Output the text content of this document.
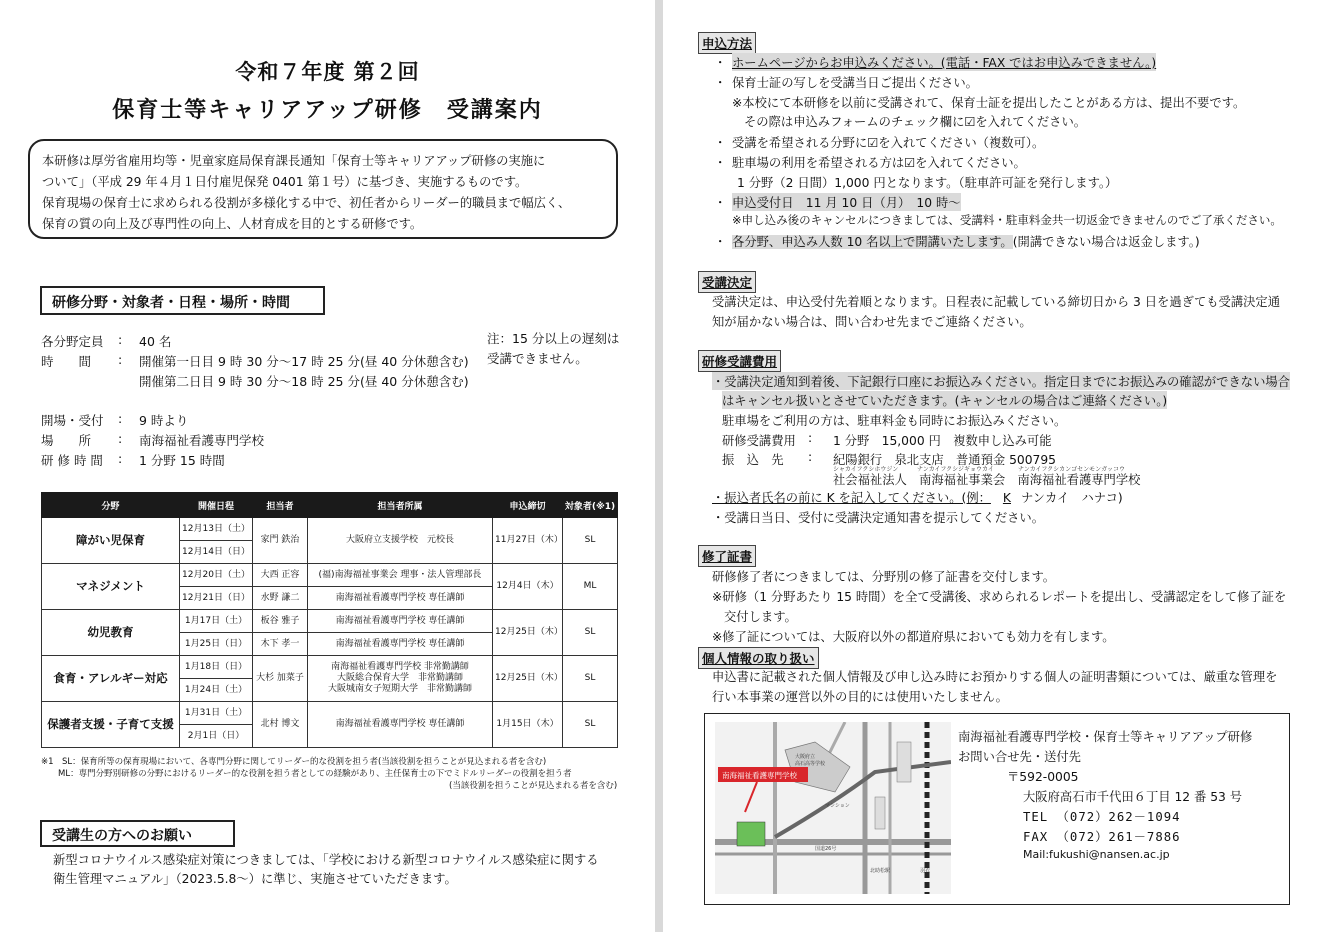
令和７年度 第２回
保育士等キャリアアップ研修　受講案内
本研修は厚労省雇用均等・児童家庭局保育課長通知「保育士等キャリアアップ研修の実施に
ついて」（平成 29 年４月１日付雇児保発 0401 第１号）に基づき、実施するものです。
保育現場の保育士に求められる役割が多様化する中で、初任者からリーダー的職員まで幅広く、
保育の質の向上及び専門性の向上、人材育成を目的とする研修です。
研修分野・対象者・日程・場所・時間
各分野定員 : 40 名
時　　間 : 開催第一日目 9 時 30 分～17 時 25 分(昼 40 分休憩含む)
開催第二日目 9 時 30 分～18 時 25 分(昼 40 分休憩含む)
注：15 分以上の遅刻は
受講できません。
開場・受付 : 9 時より
場　　所 : 南海福祉看護専門学校
研 修 時 間 : 1 分野 15 時間
分野	開催日程	担当者	担当者所属	申込締切	対象者(※1)
障がい児保育	12月13日（土）	家門 鉄治	大阪府立支援学校　元校長	11月27日（木）	SL
	12月14日（日）				
マネジメント	12月20日（土）	大西 正容	(福)南海福祉事業会 理事・法人管理部長	12月4日（木）	ML
	12月21日（日）	水野 謙二	南海福祉看護専門学校 専任講師		
幼児教育	1月17日（土）	板谷 雅子	南海福祉看護専門学校 専任講師	12月25日（木）	SL
	1月25日（日）	木下 孝一	南海福祉看護専門学校 専任講師		
食育・アレルギー対応	1月18日（日）	大杉 加菜子	南海福祉看護専門学校 非常勤講師
大阪総合保育大学　非常勤講師
大阪城南女子短期大学　非常勤講師	12月25日（木）	SL
	1月24日（土）				
保護者支援・子育て支援	1月31日（土）	北村 博文	南海福祉看護専門学校 専任講師	1月15日（木）	SL
	2月1日（日）				
※1　SL：保育所等の保育現場において、各専門分野に関してリーダー的な役割を担う者(当該役割を担うことが見込まれる者を含む)
ML：専門分野別研修の分野におけるリーダー的な役割を担う者としての経験があり、主任保育士の下でミドルリーダーの役割を担う者
(当該役割を担うことが見込まれる者を含む)
受講生の方へのお願い
新型コロナウイルス感染症対策につきましては、「学校における新型コロナウイルス感染症に関する
衛生管理マニュアル」（2023.5.8～）に準じ、実施させていただきます。
申込方法
・ ホームページからお申込みください。(電話・FAX ではお申込みできません。)
・ 保育士証の写しを受講当日ご提出ください。
※本校にて本研修を以前に受講されて、保育士証を提出したことがある方は、提出不要です。
その際は申込みフォームのチェック欄に☑を入れてください。
・ 受講を希望される分野に☑を入れてください（複数可）。
・ 駐車場の利用を希望される方は☑を入れてください。
1 分野（2 日間）1,000 円となります。（駐車許可証を発行します。）
・ 申込受付日　11 月 10 日（月）　10 時～
※申し込み後のキャンセルにつきましては、受講料・駐車料金共一切返金できませんのでご了承ください。
・ 各分野、申込み人数 10 名以上で開講いたします。(開講できない場合は返金します。)
受講決定
受講決定は、申込受付先着順となります。日程表に記載している締切日から 3 日を過ぎても受講決定通
知が届かない場合は、問い合わせ先までご連絡ください。
研修受講費用
・受講決定通知到着後、下記銀行口座にお振込みください。指定日までにお振込みの確認ができない場合
はキャンセル扱いとさせていただきます。(キャンセルの場合はご連絡ください。)
駐車場をご利用の方は、駐車料金も同時にお振込みください。
研修受講費用 : 1 分野　15,000 円　複数申し込み可能
振　込　先 : 紀陽銀行　泉北支店　普通預金 500795
シャカイフクシホウジン	ナンカイフクシジギョウカイ	ナンカイフクシカンゴセンモンガッコウ
社会福祉法人　南海福祉事業会　南海福祉看護専門学校
・振込者氏名の前に K を記入してください。(例： K ナンカイ　ハナコ)
・受講日当日、受付に受講決定通知書を提示してください。
修了証書
研修修了者につきましては、分野別の修了証書を交付します。
※研修（1 分野あたり 15 時間）を全て受講後、求められるレポートを提出し、受講認定をして修了証を
交付します。
※修了証については、大阪府以外の都道府県においても効力を有します。
個人情報の取り扱い
申込書に記載された個人情報及び申し込み時にお預かりする個人の証明書類については、厳重な管理を
行い本事業の運営以外の目的には使用いたしません。
南海福祉看護専門学校
大阪府立
高石高等学校
マンション
国道26号
北助松駅	羽衣
南海福祉看護専門学校・保育士等キャリアアップ研修
お問い合せ先・送付先
〒592-0005
大阪府高石市千代田６丁目 12 番 53 号
TEL （072）262－1094
FAX （072）261－7886
Mail:fukushi@nansen.ac.jp
